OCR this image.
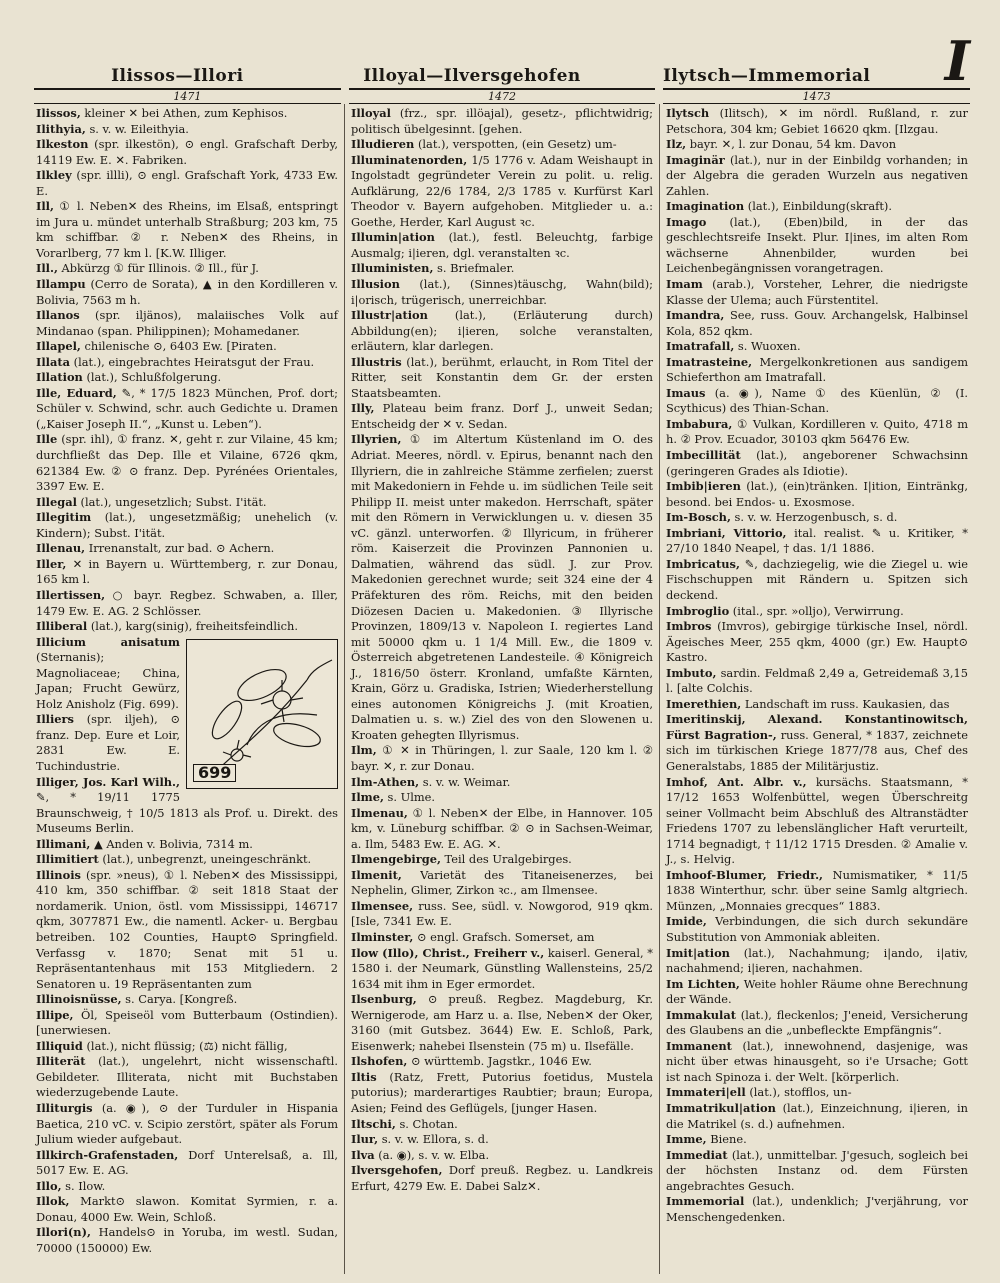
I
Ilissos—Illori	Illoyal—Ilversgehofen	Ilytsch—Immemorial
1471	1472	1473

Ilissos, kleiner ✕ bei Athen, zum Kephisos.

Ilithyia, s. v. w. Eileithyia.

Ilkeston (spr. ilkestön), ⊙ engl. Grafschaft Derby, 14119 Ew. E. ✕. Fabriken.

Ilkley (spr. illli), ⊙ engl. Grafschaft York, 4733 Ew. E.

Ill, ① l. Neben✕ des Rheins, im Elsaß, entspringt im Jura u. mündet unterhalb Straßburg; 203 km, 75 km schiffbar. ② r. Neben✕ des Rheins, in Vorarlberg, 77 km l. [K.W. Illiger.

Ill., Abkürzg ① für Illinois. ② Ill., für J.

Illampu (Cerro de Sorata), ▲ in den Kordilleren v. Bolivia, 7563 m h.

Illanos (spr. iljänos), malaiisches Volk auf Mindanao (span. Philippinen); Mohamedaner.

Illapel, chilenische ⊙, 6403 Ew. [Piraten.

Illata (lat.), eingebrachtes Heiratsgut der Frau.

Illation (lat.), Schlußfolgerung.

Ille, Eduard, ✎, * 17/5 1823 München, Prof. dort; Schüler v. Schwind, schr. auch Gedichte u. Dramen („Kaiser Joseph II.“, „Kunst u. Leben“).

Ille (spr. ihl), ① franz. ✕, geht r. zur Vilaine, 45 km; durchfließt das Dep. Ille et Vilaine, 6726 qkm, 621384 Ew. ② ⊙ franz. Dep. Pyrénées Orientales, 3397 Ew. E.

Illegal (lat.), ungesetzlich; Subst. I'ität.

Illegitim (lat.), ungesetzmäßig; unehelich (v. Kindern); Subst. I'ität.

Illenau, Irrenanstalt, zur bad. ⊙ Achern.

Iller, ✕ in Bayern u. Württemberg, r. zur Donau, 165 km l.

Illertissen, ○ bayr. Regbez. Schwaben, a. Iller, 1479 Ew. E. AG. 2 Schlösser.

Illiberal (lat.), karg(sinig), freiheitsfeindlich.

699

Illicium anisatum (Sternanis); Magnoliaceae; China, Japan; Frucht Gewürz, Holz Anisholz (Fig. 699).

Illiers (spr. iljeh), ⊙ franz. Dep. Eure et Loir, 2831 Ew. E. Tuchindustrie.

Illiger, Jos. Karl Wilh., ✎, * 19/11 1775 Braunschweig, † 10/5 1813 als Prof. u. Direkt. des Museums Berlin.

Illimani, ▲ Anden v. Bolivia, 7314 m.

Illimitiert (lat.), unbegrenzt, uneingeschränkt.

Illinois (spr. »neus), ① l. Neben✕ des Mississippi, 410 km, 350 schiffbar. ② seit 1818 Staat der nordamerik. Union, östl. vom Mississippi, 146717 qkm, 3077871 Ew., die namentl. Acker- u. Bergbau betreiben. 102 Counties, Haupt⊙ Springfield. Verfassg v. 1870; Senat mit 51 u. Repräsentantenhaus mit 153 Mitgliedern. 2 Senatoren u. 19 Repräsentanten zum

Illinoisnüsse, s. Carya. [Kongreß.

Illipe, Öl, Speiseöl vom Butterbaum (Ostindien). [unerwiesen.

Illiquid (lat.), nicht flüssig; (⚖) nicht fällig,

Illiterät (lat.), ungelehrt, nicht wissenschaftl. Gebildeter. Illiterata, nicht mit Buchstaben wiederzugebende Laute.

Illiturgis (a. ◉), ⊙ der Turduler in Hispania Baetica, 210 vC. v. Scipio zerstört, später als Forum Julium wieder aufgebaut.

Illkirch-Grafenstaden, Dorf Unterelsaß, a. Ill, 5017 Ew. E. AG.

Illo, s. Ilow.

Illok, Markt⊙ slawon. Komitat Syrmien, r. a. Donau, 4000 Ew. Wein, Schloß.

Illori(n), Handels⊙ in Yoruba, im westl. Sudan, 70000 (150000) Ew.

Illoyal (frz., spr. illöajal), gesetz-, pflichtwidrig; politisch übelgesinnt. [gehen.

Illudieren (lat.), verspotten, (ein Gesetz) um-

Illuminatenorden, 1/5 1776 v. Adam Weishaupt in Ingolstadt gegründeter Verein zu polit. u. relig. Aufklärung, 22/6 1784, 2/3 1785 v. Kurfürst Karl Theodor v. Bayern aufgehoben. Mitglieder u. a.: Goethe, Herder, Karl August ꝛc.

Illumin|ation (lat.), festl. Beleuchtg, farbige Ausmalg; i|ieren, dgl. veranstalten ꝛc.

Illuministen, s. Briefmaler.

Illusion (lat.), (Sinnes)täuschg, Wahn(bild); i|orisch, trügerisch, unerreichbar.

Illustr|ation (lat.), (Erläuterung durch) Abbildung(en); i|ieren, solche veranstalten, erläutern, klar darlegen.

Illustris (lat.), berühmt, erlaucht, in Rom Titel der Ritter, seit Konstantin dem Gr. der ersten Staatsbeamten.

Illy, Plateau beim franz. Dorf J., unweit Sedan; Entscheidg der ✕ v. Sedan.

Illyrien, ① im Altertum Küstenland im O. des Adriat. Meeres, nördl. v. Epirus, benannt nach den Illyriern, die in zahlreiche Stämme zerfielen; zuerst mit Makedoniern in Fehde u. im südlichen Teile seit Philipp II. meist unter makedon. Herrschaft, später mit den Römern in Verwicklungen u. v. diesen 35 vC. gänzl. unterworfen. ② Illyricum, in früherer röm. Kaiserzeit die Provinzen Pannonien u. Dalmatien, während das südl. J. zur Prov. Makedonien gerechnet wurde; seit 324 eine der 4 Präfekturen des röm. Reichs, mit den beiden Diözesen Dacien u. Makedonien. ③ Illyrische Provinzen, 1809/13 v. Napoleon I. regiertes Land mit 50000 qkm u. 1 1/4 Mill. Ew., die 1809 v. Österreich abgetretenen Landesteile. ④ Königreich J., 1816/50 österr. Kronland, umfaßte Kärnten, Krain, Görz u. Gradiska, Istrien; Wiederherstellung eines autonomen Königreichs J. (mit Kroatien, Dalmatien u. s. w.) Ziel des von den Slowenen u. Kroaten gehegten Illyrismus.

Ilm, ① ✕ in Thüringen, l. zur Saale, 120 km l. ② bayr. ✕, r. zur Donau.

Ilm-Athen, s. v. w. Weimar.

Ilme, s. Ulme.

Ilmenau, ① l. Neben✕ der Elbe, in Hannover. 105 km, v. Lüneburg schiffbar. ② ⊙ in Sachsen-Weimar, a. Ilm, 5483 Ew. E. AG. ✕.

Ilmengebirge, Teil des Uralgebirges.

Ilmenit, Varietät des Titaneisenerzes, bei Nephelin, Glimer, Zirkon ꝛc., am Ilmensee.

Ilmensee, russ. See, südl. v. Nowgorod, 919 qkm. [Isle, 7341 Ew. E.

Ilminster, ⊙ engl. Grafsch. Somerset, am

Ilow (Illo), Christ., Freiherr v., kaiserl. General, * 1580 i. der Neumark, Günstling Wallensteins, 25/2 1634 mit ihm in Eger ermordet.

Ilsenburg, ⊙ preuß. Regbez. Magdeburg, Kr. Wernigerode, am Harz u. a. Ilse, Neben✕ der Oker, 3160 (mit Gutsbez. 3644) Ew. E. Schloß, Park, Eisenwerk; nahebei Ilsenstein (75 m) u. Ilsefälle.

Ilshofen, ⊙ württemb. Jagstkr., 1046 Ew.

Iltis (Ratz, Frett, Putorius foetidus, Mustela putorius); marderartiges Raubtier; braun; Europa, Asien; Feind des Geflügels, [junger Hasen.

Iltschi, s. Chotan.

Ilur, s. v. w. Ellora, s. d.

Ilva (a. ◉), s. v. w. Elba.

Ilversgehofen, Dorf preuß. Regbez. u. Landkreis Erfurt, 4279 Ew. E. Dabei Salz✕.

Ilytsch (Ilitsch), ✕ im nördl. Rußland, r. zur Petschora, 304 km; Gebiet 16620 qkm. [Ilzgau.

Ilz, bayr. ✕, l. zur Donau, 54 km. Davon

Imaginär (lat.), nur in der Einbildg vorhanden; in der Algebra die geraden Wurzeln aus negativen Zahlen.

Imagination (lat.), Einbildung(skraft).

Imago (lat.), (Eben)bild, in der das geschlechtsreife Insekt. Plur. I|ines, im alten Rom wächserne Ahnenbilder, wurden bei Leichenbegängnissen vorangetragen.

Imam (arab.), Vorsteher, Lehrer, die niedrigste Klasse der Ulema; auch Fürstentitel.

Imandra, See, russ. Gouv. Archangelsk, Halbinsel Kola, 852 qkm.

Imatrafall, s. Wuoxen.

Imatrasteine, Mergelkonkretionen aus sandigem Schieferthon am Imatrafall.

Imaus (a. ◉), Name ① des Küenlün, ② (I. Scythicus) des Thian-Schan.

Imbabura, ① Vulkan, Kordilleren v. Quito, 4718 m h. ② Prov. Ecuador, 30103 qkm 56476 Ew.

Imbecillität (lat.), angeborener Schwachsinn (geringeren Grades als Idiotie).

Imbib|ieren (lat.), (ein)tränken. I|ition, Eintränkg, besond. bei Endos- u. Exosmose.

Im-Bosch, s. v. w. Herzogenbusch, s. d.

Imbriani, Vittorio, ital. realist. ✎ u. Kritiker, * 27/10 1840 Neapel, † das. 1/1 1886.

Imbricatus, ✎, dachziegelig, wie die Ziegel u. wie Fischschuppen mit Rändern u. Spitzen sich deckend.

Imbroglio (ital., spr. »olljo), Verwirrung.

Imbros (Imvros), gebirgige türkische Insel, nördl. Ägeisches Meer, 255 qkm, 4000 (gr.) Ew. Haupt⊙ Kastro.

Imbuto, sardin. Feldmaß 2,49 a, Getreidemaß 3,15 l. [alte Colchis.

Imerethien, Landschaft im russ. Kaukasien, das

Imeritinskij, Alexand. Konstantinowitsch, Fürst Bagration-, russ. General, * 1837, zeichnete sich im türkischen Kriege 1877/78 aus, Chef des Generalstabs, 1885 der Militärjustiz.

Imhof, Ant. Albr. v., kursächs. Staatsmann, * 17/12 1653 Wolfenbüttel, wegen Überschreitg seiner Vollmacht beim Abschluß des Altranstädter Friedens 1707 zu lebenslänglicher Haft verurteilt, 1714 begnadigt, † 11/12 1715 Dresden. ② Amalie v. J., s. Helvig.

Imhoof-Blumer, Friedr., Numismatiker, * 11/5 1838 Winterthur, schr. über seine Samlg altgriech. Münzen, „Monnaies grecques“ 1883.

Imide, Verbindungen, die sich durch sekundäre Substitution von Ammoniak ableiten.

Imit|ation (lat.), Nachahmung; i|ando, i|ativ, nachahmend; i|ieren, nachahmen.

Im Lichten, Weite hohler Räume ohne Berechnung der Wände.

Immakulat (lat.), fleckenlos; J'eneid, Versicherung des Glaubens an die „unbefleckte Empfängnis“.

Immanent (lat.), innewohnend, dasjenige, was nicht über etwas hinausgeht, so i'e Ursache; Gott ist nach Spinoza i. der Welt. [körperlich.

Immateri|ell (lat.), stofflos, un-

Immatrikul|ation (lat.), Einzeichnung, i|ieren, in die Matrikel (s. d.) aufnehmen.

Imme, Biene.

Immediat (lat.), unmittelbar. J'gesuch, sogleich bei der höchsten Instanz od. dem Fürsten angebrachtes Gesuch.

Immemorial (lat.), undenklich; J'verjährung, vor Menschengedenken.
